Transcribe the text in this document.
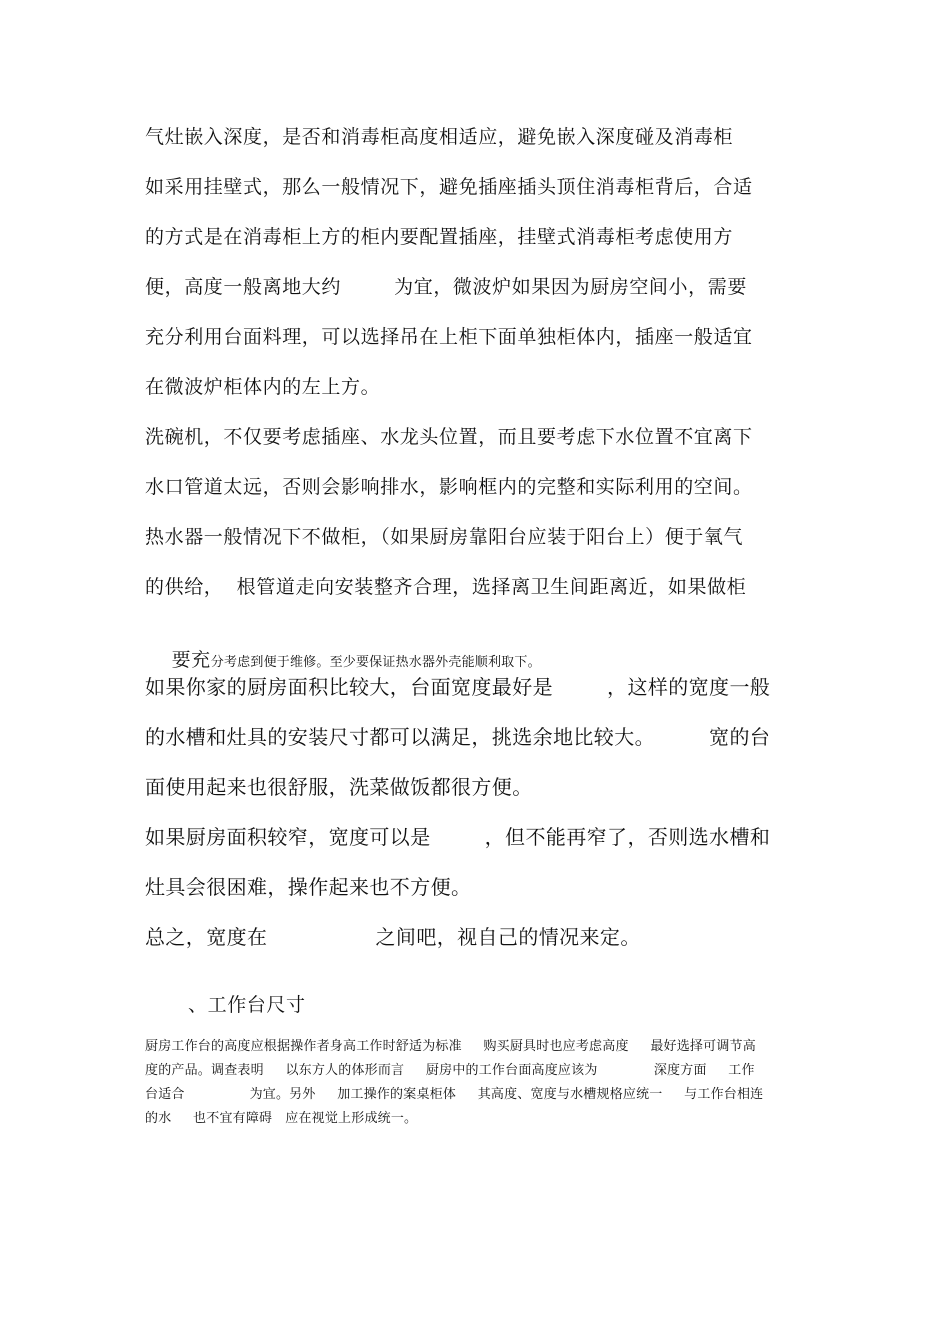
气灶嵌入深度，是否和消毒柜高度相适应，避免嵌入深度碰及消毒柜
如采用挂壁式，那么一般情况下，避免插座插头顶住消毒柜背后，合适
的方式是在消毒柜上方的柜内要配置插座，挂壁式消毒柜考虑使用方
便，高度一般离地大约        为宜，微波炉如果因为厨房空间小，需要
充分利用台面料理，可以选择吊在上柜下面单独柜体内，插座一般适宜
在微波炉柜体内的左上方。
洗碗机，不仅要考虑插座、水龙头位置，而且要考虑下水位置不宜离下
水口管道太远，否则会影响排水，影响框内的完整和实际利用的空间。
热水器一般情况下不做柜，（如果厨房靠阳台应装于阳台上）便于氧气
的供给，  根管道走向安装整齐合理，选择离卫生间距离近，如果做柜

要充分考虑到便于维修。至少要保证热水器外壳能顺利取下。

如果你家的厨房面积比较大，台面宽度最好是        ，这样的宽度一般
的水槽和灶具的安装尺寸都可以满足，挑选余地比较大。        宽的台
面使用起来也很舒服，洗菜做饭都很方便。
如果厨房面积较窄，宽度可以是        ，但不能再窄了，否则选水槽和
灶具会很困难，操作起来也不方便。
总之，宽度在                之间吧，视自己的情况来定。
、工作台尺寸
厨房工作台的高度应根据操作者身高工作时舒适为标准     购买厨具时也应考虑高度     最好选择可调节高
度的产品。调查表明     以东方人的体形而言     厨房中的工作台面高度应该为             深度方面     工作
台适合               为宜。另外     加工操作的案桌柜体     其高度、宽度与水槽规格应统一     与工作台相连
的水     也不宜有障碍   应在视觉上形成统一。
